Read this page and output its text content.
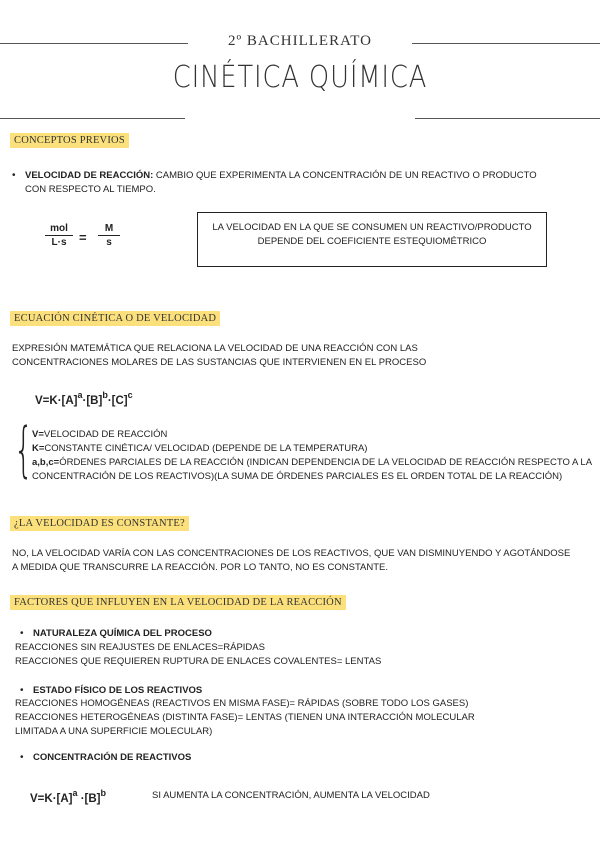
2º BACHILLERATO
CINÉTICA QUÍMICA
CONCEPTOS PREVIOS
• VELOCIDAD DE REACCIÓN: CAMBIO QUE EXPERIMENTA LA CONCENTRACIÓN DE UN REACTIVO O PRODUCTO
CON RESPECTO AL TIEMPO.
mol
L·s =
M
s
LA VELOCIDAD EN LA QUE SE CONSUMEN UN REACTIVO/PRODUCTO
DEPENDE DEL COEFICIENTE ESTEQUIOMÉTRICO
ECUACIÓN CINÉTICA O DE VELOCIDAD
EXPRESIÓN MATEMÁTICA QUE RELACIONA LA VELOCIDAD DE UNA REACCIÓN CON LAS
CONCENTRACIONES MOLARES DE LAS SUSTANCIAS QUE INTERVIENEN EN EL PROCESO
$V=K\cdot[A]^a\cdot[B]^b\cdot[C]^c$
{
V=VELOCIDAD DE REACCIÓN
K=CONSTANTE CINÉTICA/ VELOCIDAD (DEPENDE DE LA TEMPERATURA)
a,b,c=ÓRDENES PARCIALES DE LA REACCIÓN (INDICAN DEPENDENCIA DE LA VELOCIDAD DE REACCIÓN RESPECTO A LA
CONCENTRACIÓN DE LOS REACTIVOS)(LA SUMA DE ÓRDENES PARCIALES ES EL ORDEN TOTAL DE LA REACCIÓN)
¿LA VELOCIDAD ES CONSTANTE?
NO, LA VELOCIDAD VARÍA CON LAS CONCENTRACIONES DE LOS REACTIVOS, QUE VAN DISMINUYENDO Y AGOTÁNDOSE
A MEDIDA QUE TRANSCURRE LA REACCIÓN. POR LO TANTO, NO ES CONSTANTE.
FACTORES QUE INFLUYEN EN LA VELOCIDAD DE LA REACCIÓN
• NATURALEZA QUÍMICA DEL PROCESO
REACCIONES SIN REAJUSTES DE ENLACES=RÁPIDAS
REACCIONES QUE REQUIEREN RUPTURA DE ENLACES COVALENTES= LENTAS
• ESTADO FÍSICO DE LOS REACTIVOS
REACCIONES HOMOGÉNEAS (REACTIVOS EN MISMA FASE)= RÁPIDAS (SOBRE TODO LOS GASES)
REACCIONES HETEROGÉNEAS (DISTINTA FASE)= LENTAS (TIENEN UNA INTERACCIÓN MOLECULAR
LIMITADA A UNA SUPERFICIE MOLECULAR)
• CONCENTRACIÓN DE REACTIVOS
$V=K\cdot[A]^a \cdot[B]^b$	SI AUMENTA LA CONCENTRACIÓN, AUMENTA LA VELOCIDAD
